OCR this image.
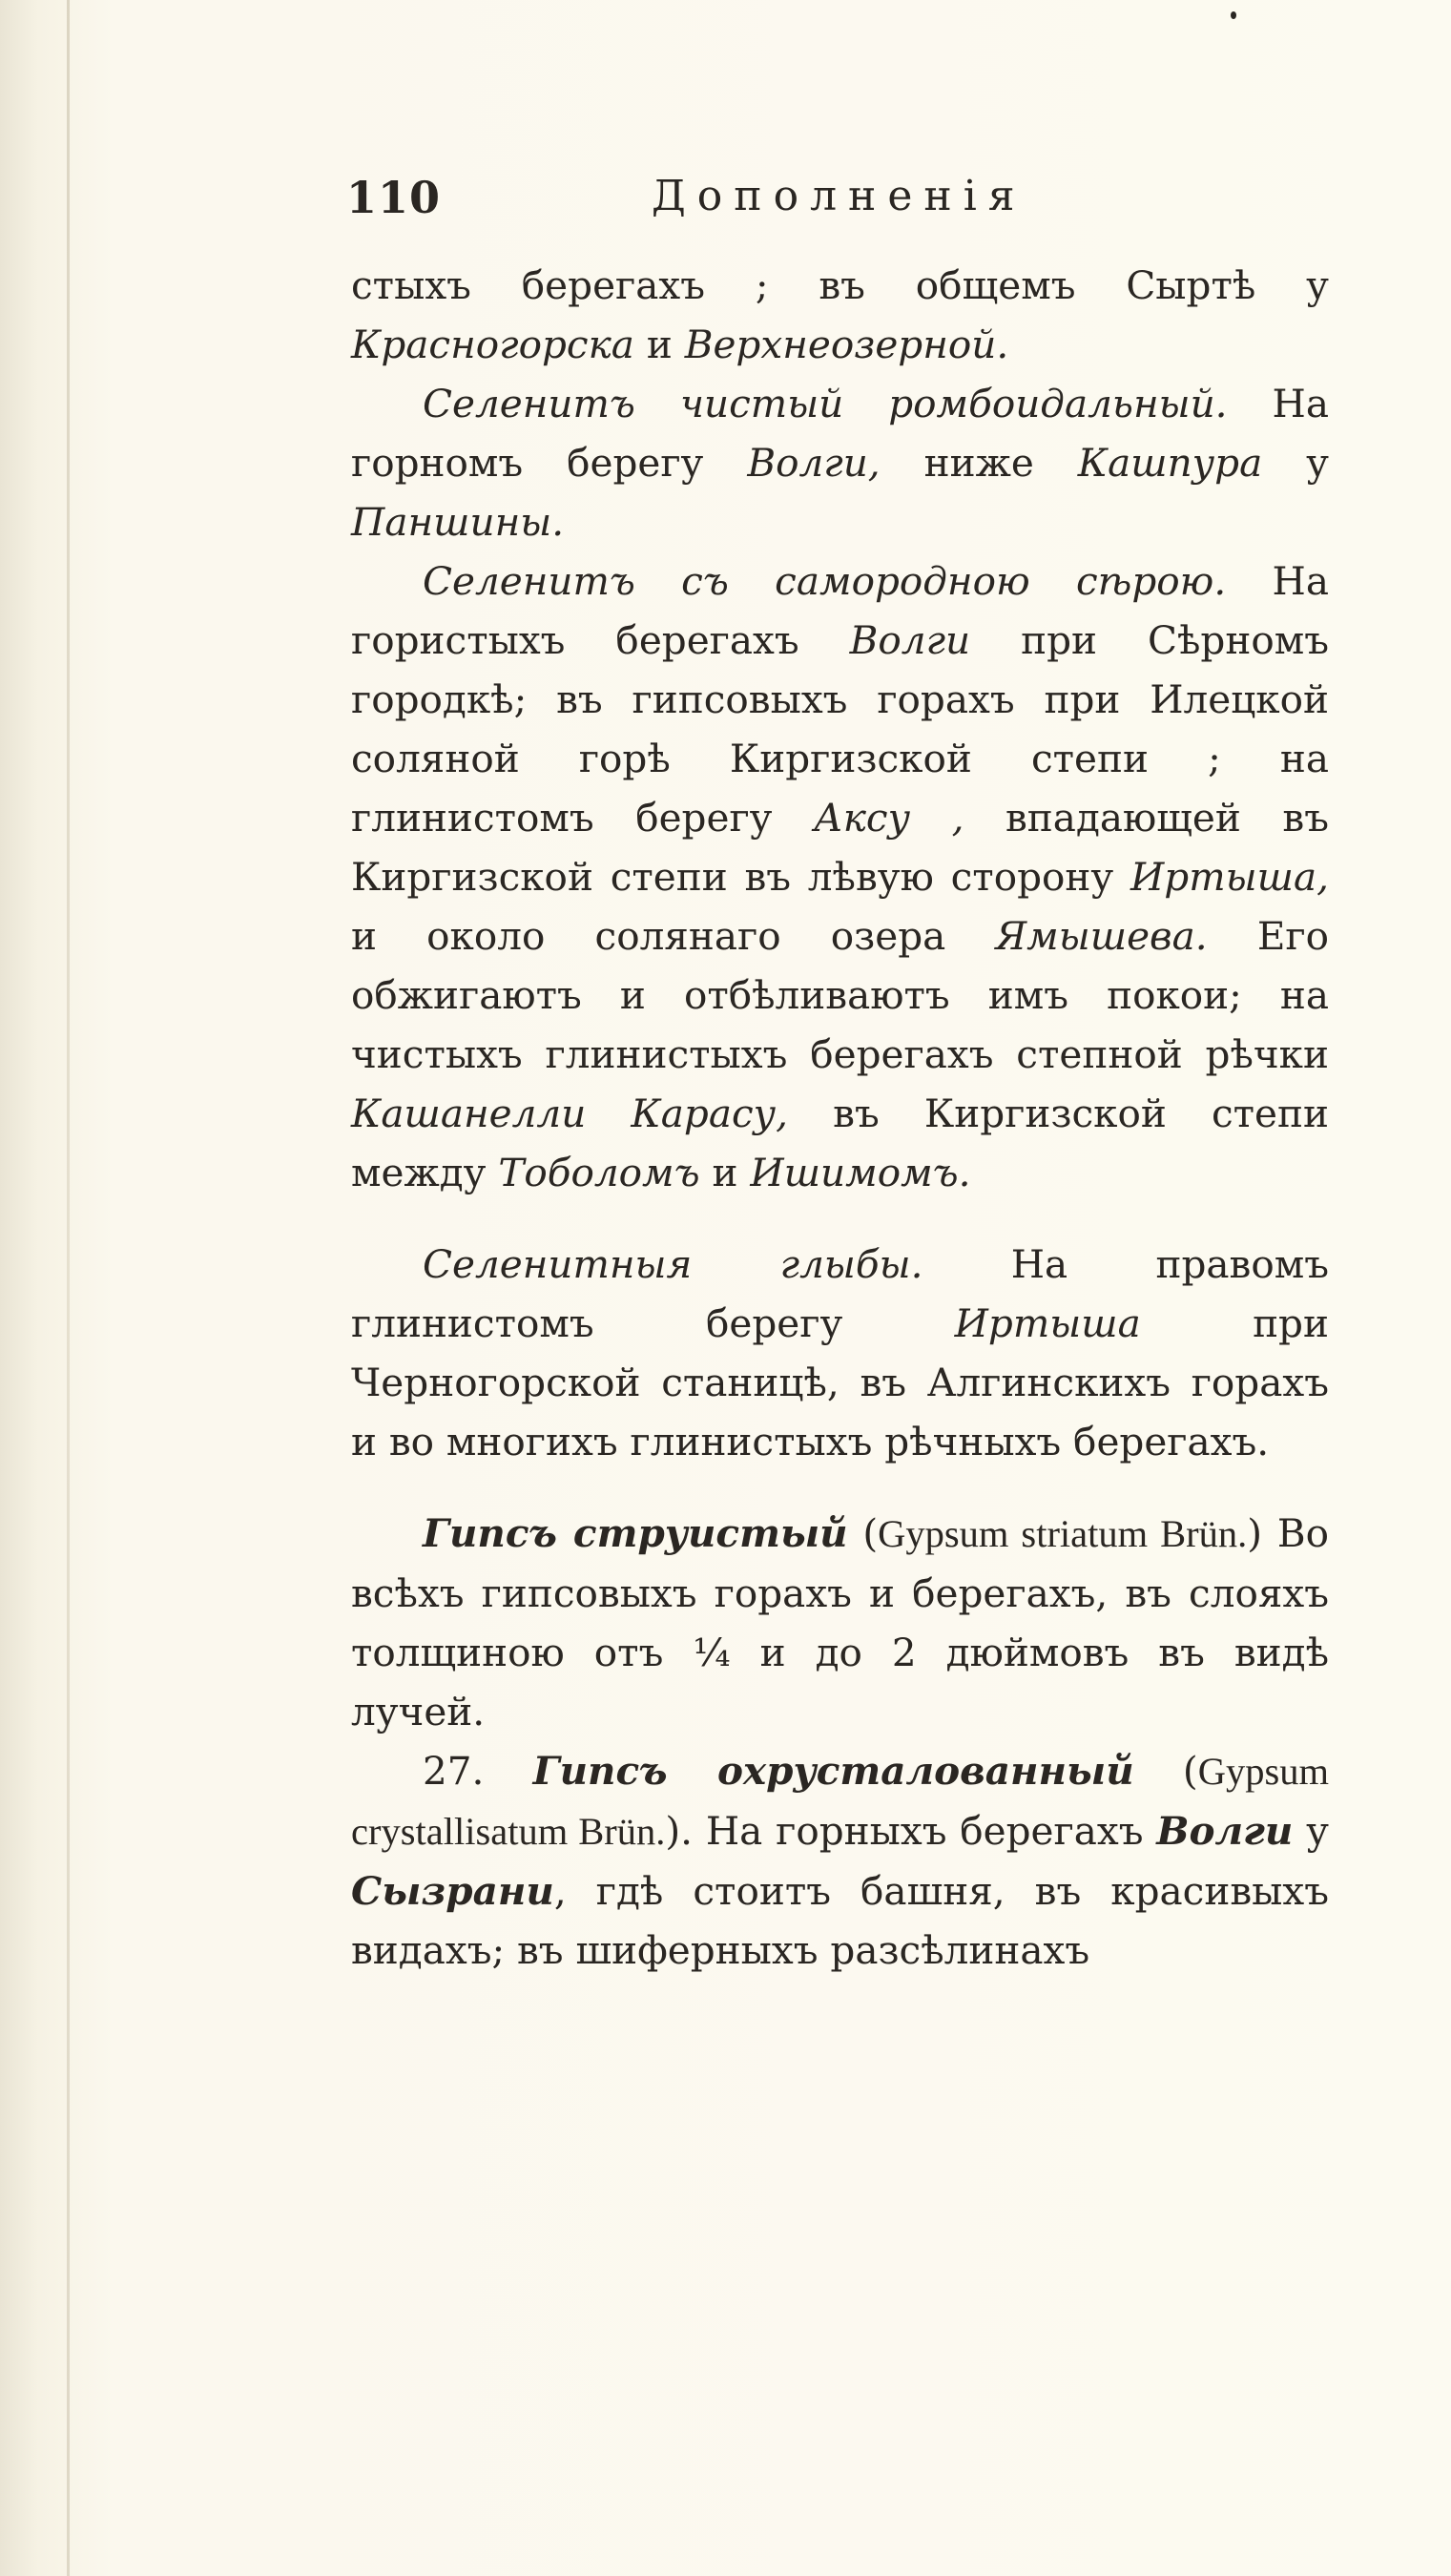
110	Дополненiя

стыхъ берегахъ ; въ общемъ Сыртѣ у Красногорска и Верхнеозерной.

Селенитъ чистый ромбоидальный. На горномъ берегу Волги, ниже Кашпура у Паншины.

Селенитъ съ самородною сѣрою. На гористыхъ берегахъ Волги при Сѣрномъ городкѣ; въ гипсовыхъ горахъ при Илецкой соляной горѣ Киргизской степи ; на глинистомъ берегу Аксу , впадающей въ Киргизской степи въ лѣвую сторону Иртыша, и около солянаго озера Ямышева. Его обжигаютъ и отбѣливаютъ имъ покои; на чистыхъ глинистыхъ берегахъ степной рѣчки Кашанелли Карасу, въ Киргизской степи между Тоболомъ и Ишимомъ.

Селенитныя глыбы. На правомъ глинистомъ берегу Иртыша при Черногорской станицѣ, въ Алгинскихъ горахъ и во многихъ глинистыхъ рѣчныхъ берегахъ.

Гипсъ струистый (Gypsum striatum Brün.) Во всѣхъ гипсовыхъ горахъ и берегахъ, въ слояхъ толщиною отъ ¼ и до 2 дюймовъ въ видѣ лучей.

27. Гипсъ охрусталованный (Gypsum crystallisatum Brün.). На горныхъ берегахъ Волги у Сызрани, гдѣ стоитъ башня, въ красивыхъ видахъ; въ шиферныхъ разсѣлинахъ
